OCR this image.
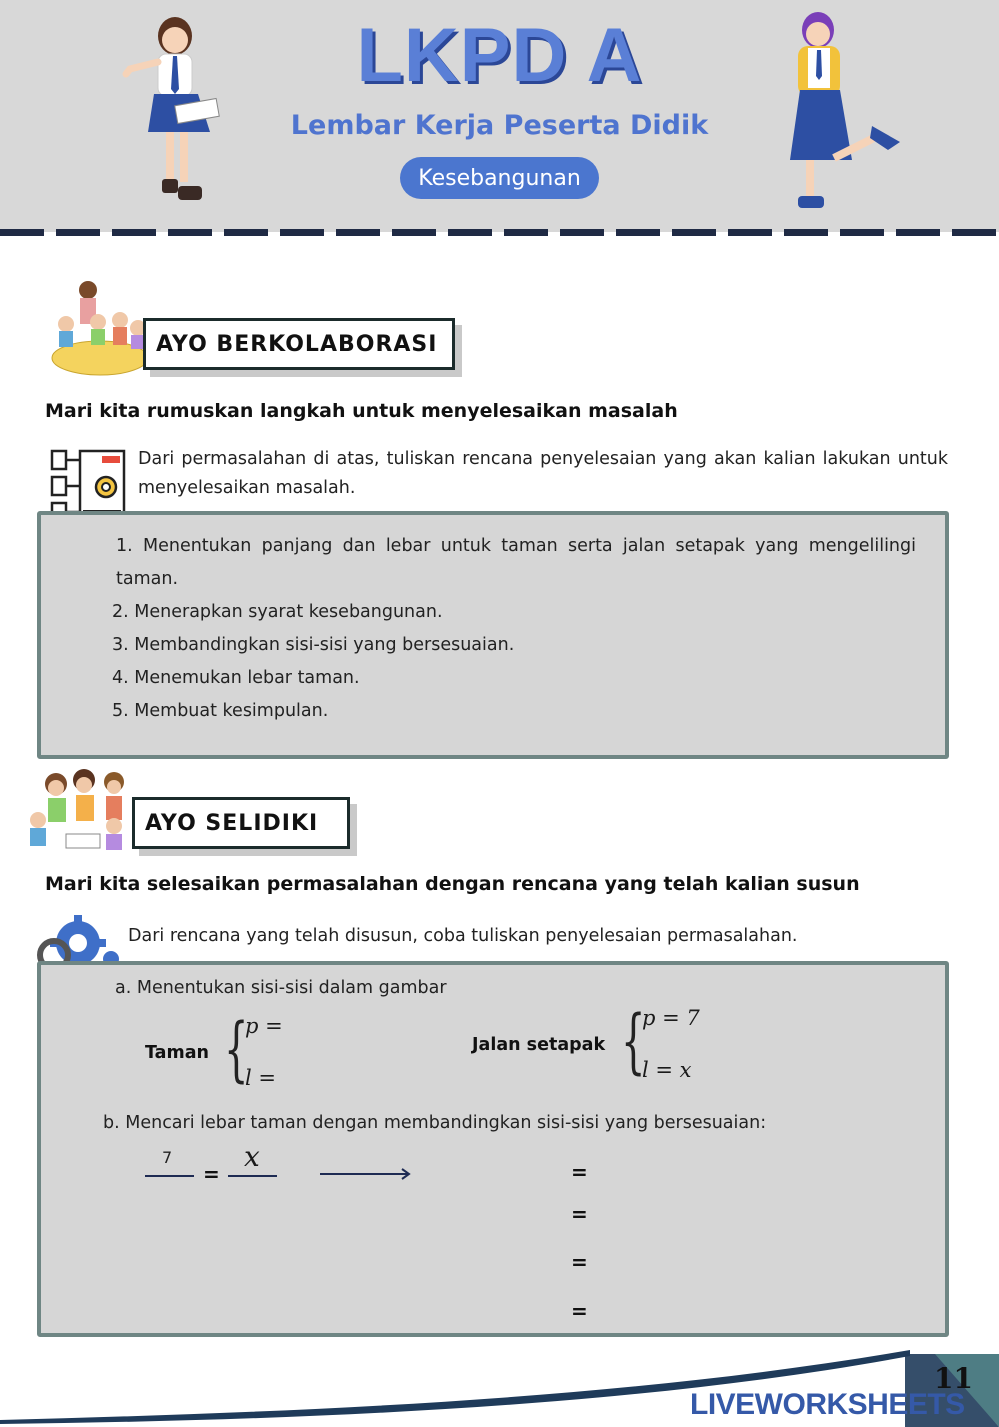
LKPD A
Lembar Kerja Peserta Didik
Kesebangunan
AYO BERKOLABORASI
Mari kita rumuskan langkah untuk menyelesaikan masalah
Dari permasalahan di atas, tuliskan rencana penyelesaian yang akan kalian lakukan untuk menyelesaikan masalah.

1. Menentukan panjang dan lebar untuk taman serta jalan setapak yang mengelilingi taman.

2. Menerapkan syarat kesebangunan.

3. Membandingkan sisi-sisi yang bersesuaian.

4. Menemukan lebar taman.

5. Membuat kesimpulan.

AYO SELIDIKI
Mari kita selesaikan permasalahan dengan rencana yang telah kalian susun
Dari rencana yang telah disusun, coba tuliskan penyelesaian permasalahan.
a. Menentukan sisi-sisi dalam gambar
Taman {
p =
l =
Jalan setapak {
p = 7
l = x
b. Mencari lebar taman dengan membandingkan sisi-sisi yang bersesuaian:
7
=
x	=
=
=
=
11
LIVEWORKSHEETS
